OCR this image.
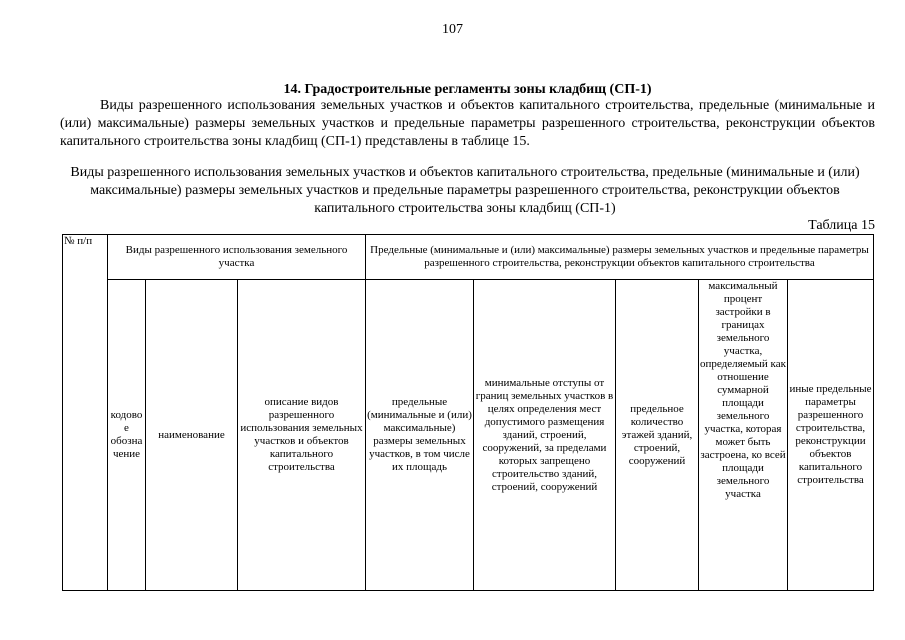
107
14. Градостроительные регламенты зоны кладбищ (СП-1)
Виды разрешенного использования земельных участков и объектов капитального строительства, предельные (минимальные и (или) максимальные) размеры земельных участков и предельные параметры разрешенного строительства, реконструкции объектов капитального строительства зоны кладбищ (СП-1) представлены в таблице 15.
Виды разрешенного использования земельных участков и объектов капитального строительства, предельные (минимальные и (или) максимальные) размеры земельных участков и предельные параметры разрешенного строительства, реконструкции объектов капитального строительства зоны кладбищ (СП-1)
Таблица 15
№ п/п	Виды разрешенного использования земельного участка			Предельные (минимальные и (или) максимальные) размеры земельных участков и предельные параметры разрешенного строительства, реконструкции объектов капитального строительства				
	кодовое обозначение	наименование	описание видов разрешенного использования земельных участков и объектов капитального строительства	предельные (минимальные и (или) максимальные) размеры земельных участков, в том числе их площадь	минимальные отступы от границ земельных участков в целях определения мест допустимого размещения зданий, строений, сооружений, за пределами которых запрещено строительство зданий, строений, сооружений	предельное количество этажей зданий, строений, сооружений	максимальный процент застройки в границах земельного участка, определяемый как отношение суммарной площади земельного участка, которая может быть застроена, ко всей площади земельного участка	иные предельные параметры разрешенного строительства, реконструкции объектов капитального строительства
